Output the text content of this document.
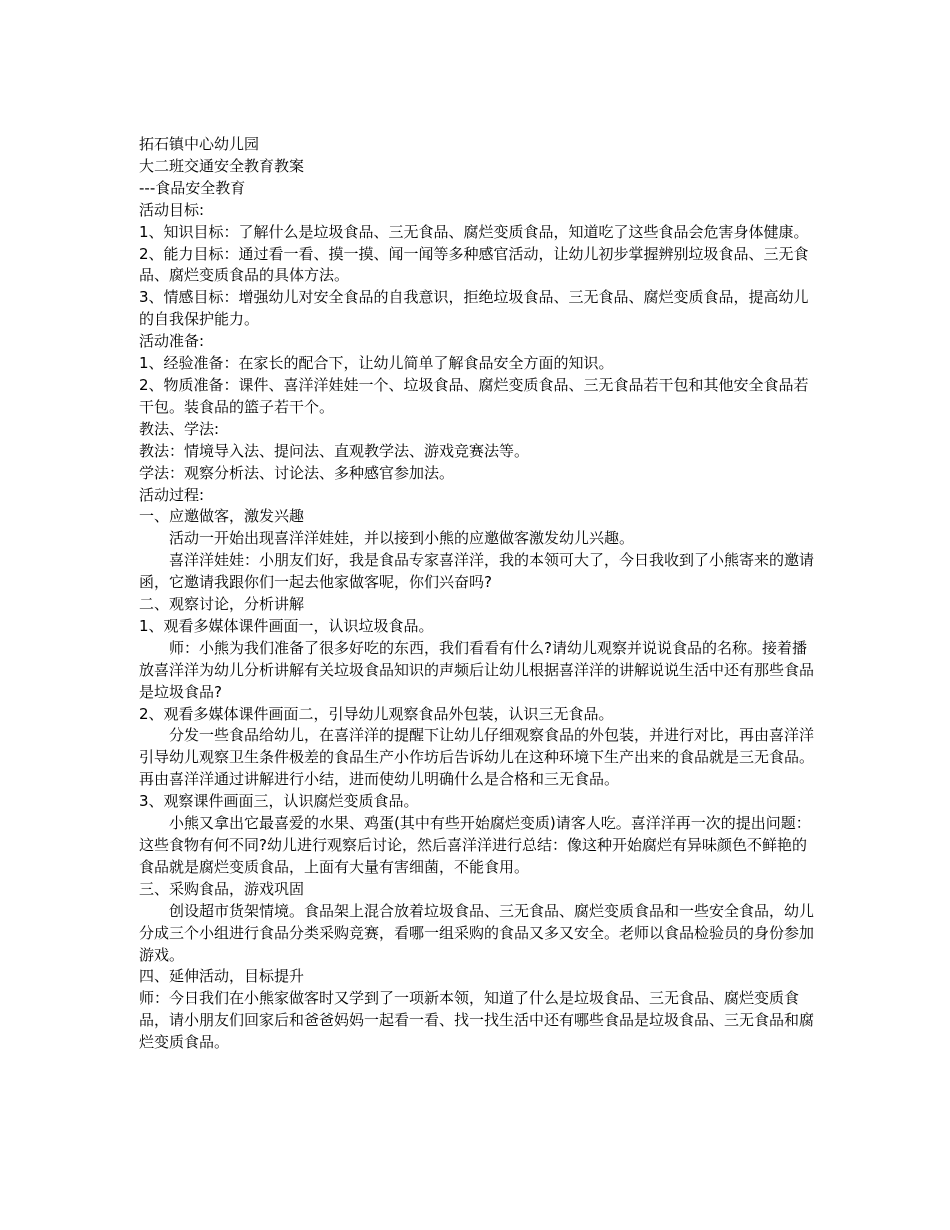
拓石镇中心幼儿园

大二班交通安全教育教案

---食品安全教育

活动目标:

1、知识目标：了解什么是垃圾食品、三无食品、腐烂变质食品，知道吃了这些食品会危害身体健康。

2、能力目标：通过看一看、摸一摸、闻一闻等多种感官活动，让幼儿初步掌握辨别垃圾食品、三无食品、腐烂变质食品的具体方法。

3、情感目标：增强幼儿对安全食品的自我意识，拒绝垃圾食品、三无食品、腐烂变质食品，提高幼儿的自我保护能力。

活动准备:

1、经验准备：在家长的配合下，让幼儿简单了解食品安全方面的知识。

2、物质准备：课件、喜洋洋娃娃一个、垃圾食品、腐烂变质食品、三无食品若干包和其他安全食品若干包。装食品的篮子若干个。

教法、学法:

教法：情境导入法、提问法、直观教学法、游戏竞赛法等。

学法：观察分析法、讨论法、多种感官参加法。

活动过程:

一、应邀做客，激发兴趣

活动一开始出现喜洋洋娃娃，并以接到小熊的应邀做客激发幼儿兴趣。

喜洋洋娃娃：小朋友们好，我是食品专家喜洋洋，我的本领可大了，今日我收到了小熊寄来的邀请函，它邀请我跟你们一起去他家做客呢，你们兴奋吗?

二、观察讨论，分析讲解

1、观看多媒体课件画面一，认识垃圾食品。

师：小熊为我们准备了很多好吃的东西，我们看看有什么?请幼儿观察并说说食品的名称。接着播放喜洋洋为幼儿分析讲解有关垃圾食品知识的声频后让幼儿根据喜洋洋的讲解说说生活中还有那些食品是垃圾食品?

2、观看多媒体课件画面二，引导幼儿观察食品外包装，认识三无食品。

分发一些食品给幼儿，在喜洋洋的提醒下让幼儿仔细观察食品的外包装，并进行对比，再由喜洋洋引导幼儿观察卫生条件极差的食品生产小作坊后告诉幼儿在这种环境下生产出来的食品就是三无食品。再由喜洋洋通过讲解进行小结，进而使幼儿明确什么是合格和三无食品。

3、观察课件画面三，认识腐烂变质食品。

小熊又拿出它最喜爱的水果、鸡蛋(其中有些开始腐烂变质)请客人吃。喜洋洋再一次的提出问题：这些食物有何不同?幼儿进行观察后讨论，然后喜洋洋进行总结：像这种开始腐烂有异味颜色不鲜艳的食品就是腐烂变质食品，上面有大量有害细菌，不能食用。

三、采购食品，游戏巩固

创设超市货架情境。食品架上混合放着垃圾食品、三无食品、腐烂变质食品和一些安全食品，幼儿分成三个小组进行食品分类采购竞赛，看哪一组采购的食品又多又安全。老师以食品检验员的身份参加游戏。

四、延伸活动，目标提升

师：今日我们在小熊家做客时又学到了一项新本领，知道了什么是垃圾食品、三无食品、腐烂变质食品，请小朋友们回家后和爸爸妈妈一起看一看、找一找生活中还有哪些食品是垃圾食品、三无食品和腐烂变质食品。
